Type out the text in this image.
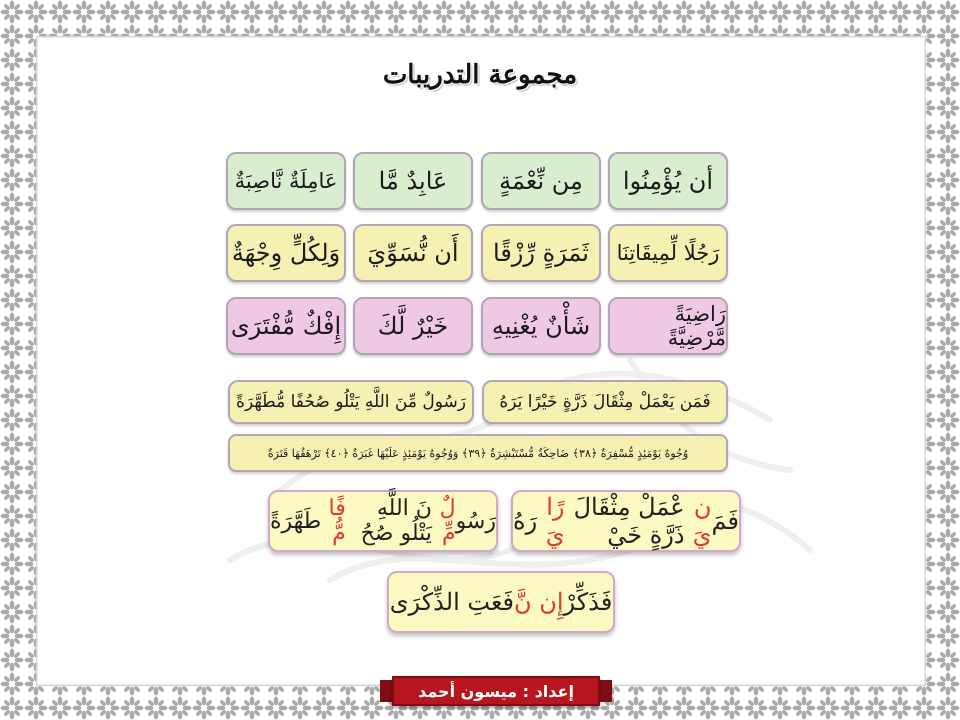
مجموعة التدريبات
أن يُؤْمِنُوا
مِن نِّعْمَةٍ
عَابِدٌ مَّا
عَامِلَةٌ نَّاصِبَةٌ
رَجُلًا لِّمِيقَاتِنَا
ثَمَرَةٍ رِّزْقًا
أَن نُّسَوِّيَ
وَلِكُلٍّ وِجْهَةٌ
رَاضِيَةً مَّرْضِيَّةً
شَأْنٌ يُغْنِيهِ
خَيْرٌ لَّكَ
إِفْكٌ مُّفْتَرَى
فَمَن يَعْمَلْ مِثْقَالَ ذَرَّةٍ خَيْرًا يَرَهُ
رَسُولٌ مِّنَ اللَّهِ يَتْلُو صُحُفًا مُّطَهَّرَةً
وُجُوهٌ يَوْمَئِذٍ مُّسْفِرَةٌ ﴿٣٨﴾ ضَاحِكَةٌ مُّسْتَبْشِرَةٌ ﴿٣٩﴾ وَوُجُوهٌ يَوْمَئِذٍ عَلَيْهَا غَبَرَةٌ ﴿٤٠﴾ تَرْهَقُهَا قَتَرَةٌ
فَمَ
ن يَ
عْمَلْ مِثْقَالَ ذَرَّةٍ خَيْ
رًا يَ
رَهُ
رَسُو
لٌ مِّ
نَ اللَّهِ يَتْلُو صُحُ
فًا مُّ
طَهَّرَةً
فَذَكِّرْ
إِن نَّ
فَعَتِ الذِّكْرَى
إعداد : ميسون أحمد
